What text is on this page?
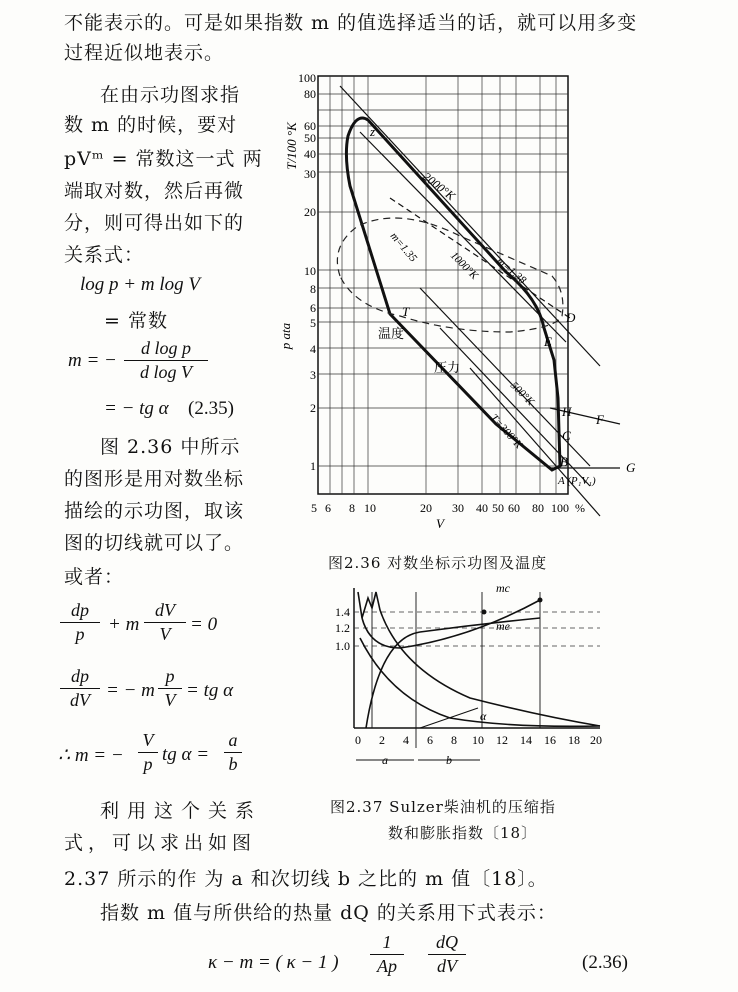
不能表示的。可是如果指数 m 的值选择适当的话，就可以用多变
过程近似地表示。
在由示功图求指
数 m 的时候，要对
pVᵐ = 常数这一式 两
端取对数，然后再微
分，则可得出如下的
关系式：
log p + m log V
= 常数
m = −
d log p
d log V
= − tg α (2.35)
图 2.36 中所示
的图形是用对数坐标
描绘的示功图，取该
图的切线就可以了。
或者：
dp
p	+ m
dV
V	= 0
dp
dV = − m
p
V = tg α
∴ m = −
V
p tg α =
a
b
利用这个关系
式，可以求出如图
2.37 所示的作 为 a 和次切线 b 之比的 m 值〔18〕。
指数 m 值与所供给的热量 dQ 的关系用下式表示：
κ − m = ( κ − 1 )
1
Ap
dQ
dV	(2.36)
100
80
60
50
40
30
20
10
8
6
5
4
3
2
1
T/100 °K
p ata
5 6 8 10	20 30 40 50 60 80 100 %
V
z
2000°K
m=1.35
m=1.38
1000°K
500°K
T=300°K
温度
压力
T	D
E
H
F
C
B	G
A (P₁V₁)
图2.36 对数坐标示功图及温度
1.4
1.2
1.0
0 2 4 6 8 10 12 14 16 18 20
mc
me
α
a	b
图2.37 Sulzer柴油机的压缩指
数和膨胀指数〔18〕
